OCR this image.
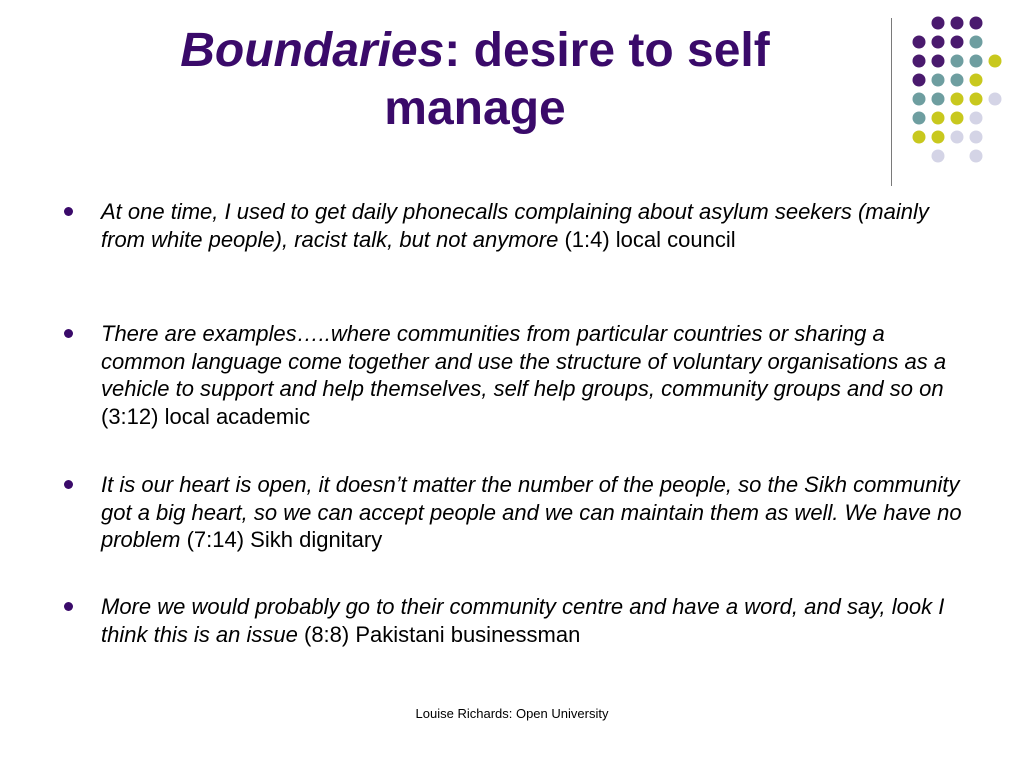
Boundaries: desire to self manage
At one time, I used to get daily phonecalls complaining about asylum seekers (mainly from white people), racist talk, but not anymore (1:4) local council
There are examples…..where communities from particular countries or sharing a common language come together and use the structure of voluntary organisations as a vehicle to support and help themselves, self help groups, community groups and so on (3:12) local academic
It is our heart is open, it doesn’t matter the number of the people, so the Sikh community got a big heart, so we can accept people and we can maintain them as well. We have no problem (7:14) Sikh dignitary
More we would probably go to their community centre and have a word, and say, look I think this is an issue (8:8) Pakistani businessman
Louise Richards: Open University
